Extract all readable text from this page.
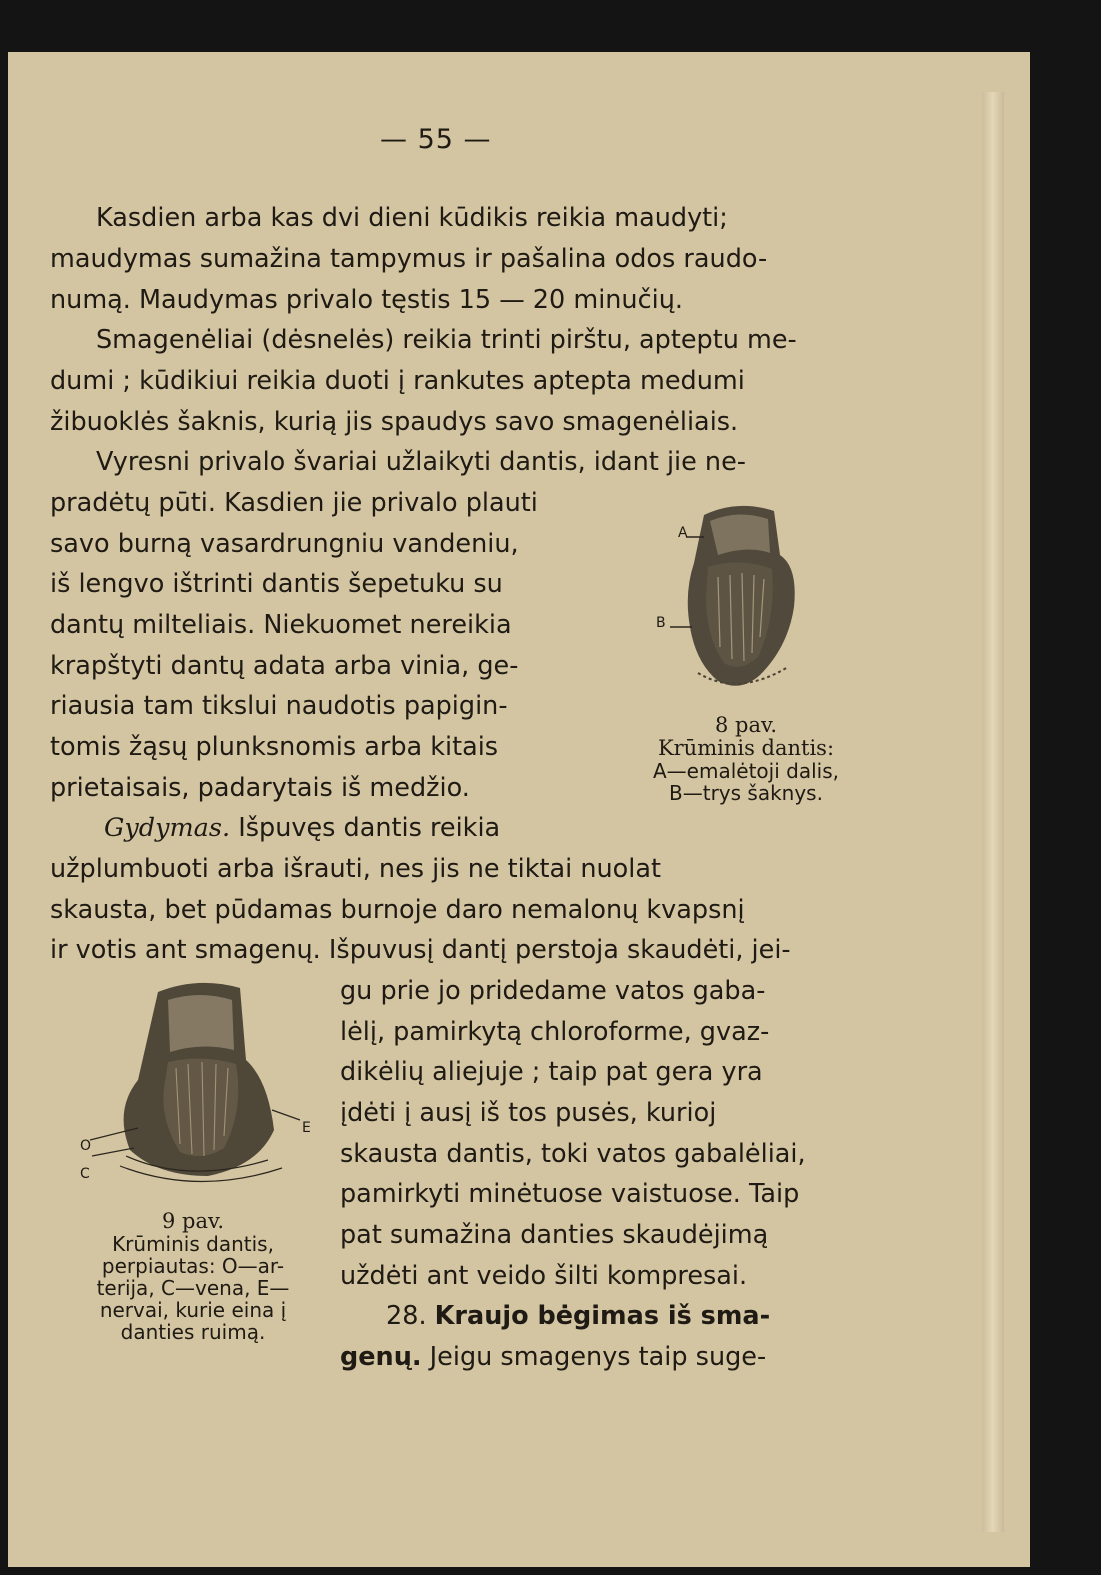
— 55 —
Kasdien arba kas dvi dieni kūdikis reikia maudyti;
maudymas sumažina tampymus ir pašalina odos raudo-
numą. Maudymas privalo tęstis 15 — 20 minučių.
Smagenėliai (dėsnelės) reikia trinti pirštu, apteptu me-
dumi ; kūdikiui reikia duoti į rankutes aptepta medumi
žibuoklės šaknis, kurią jis spaudys savo smagenėliais.
Vyresni privalo švariai užlaikyti dantis, idant jie ne-
pradėtų pūti. Kasdien jie privalo plauti
savo burną vasardrungniu vandeniu,
iš lengvo ištrinti dantis šepetuku su
dantų milteliais. Niekuomet nereikia
krapštyti dantų adata arba vinia, ge-
riausia tam tikslui naudotis papigin-
tomis žąsų plunksnomis arba kitais
prietaisais, padarytais iš medžio.
Gydymas. Išpuvęs dantis reikia
užplumbuoti arba išrauti, nes jis ne tiktai nuolat
skausta, bet pūdamas burnoje daro nemalonų kvapsnį
ir votis ant smagenų. Išpuvusį dantį perstoja skaudėti, jei-
gu prie jo pridedame vatos gaba-
lėlį, pamirkytą chloroforme, gvaz-
dikėlių aliejuje ; taip pat gera yra
įdėti į ausį iš tos pusės, kurioj
skausta dantis, toki vatos gabalėliai,
pamirkyti minėtuose vaistuose. Taip
pat sumažina danties skaudėjimą
uždėti ant veido šilti kompresai.
28. Kraujo bėgimas iš sma-
genų. Jeigu smagenys taip suge-
A
B
8 pav.
Krūminis dantis:
A—emalėtoji dalis,
B—trys šaknys.
O
C
E
9 pav.
Krūminis dantis,
perpiautas: O—ar-
terija, C—vena, E—
nervai, kurie eina į
danties ruimą.
